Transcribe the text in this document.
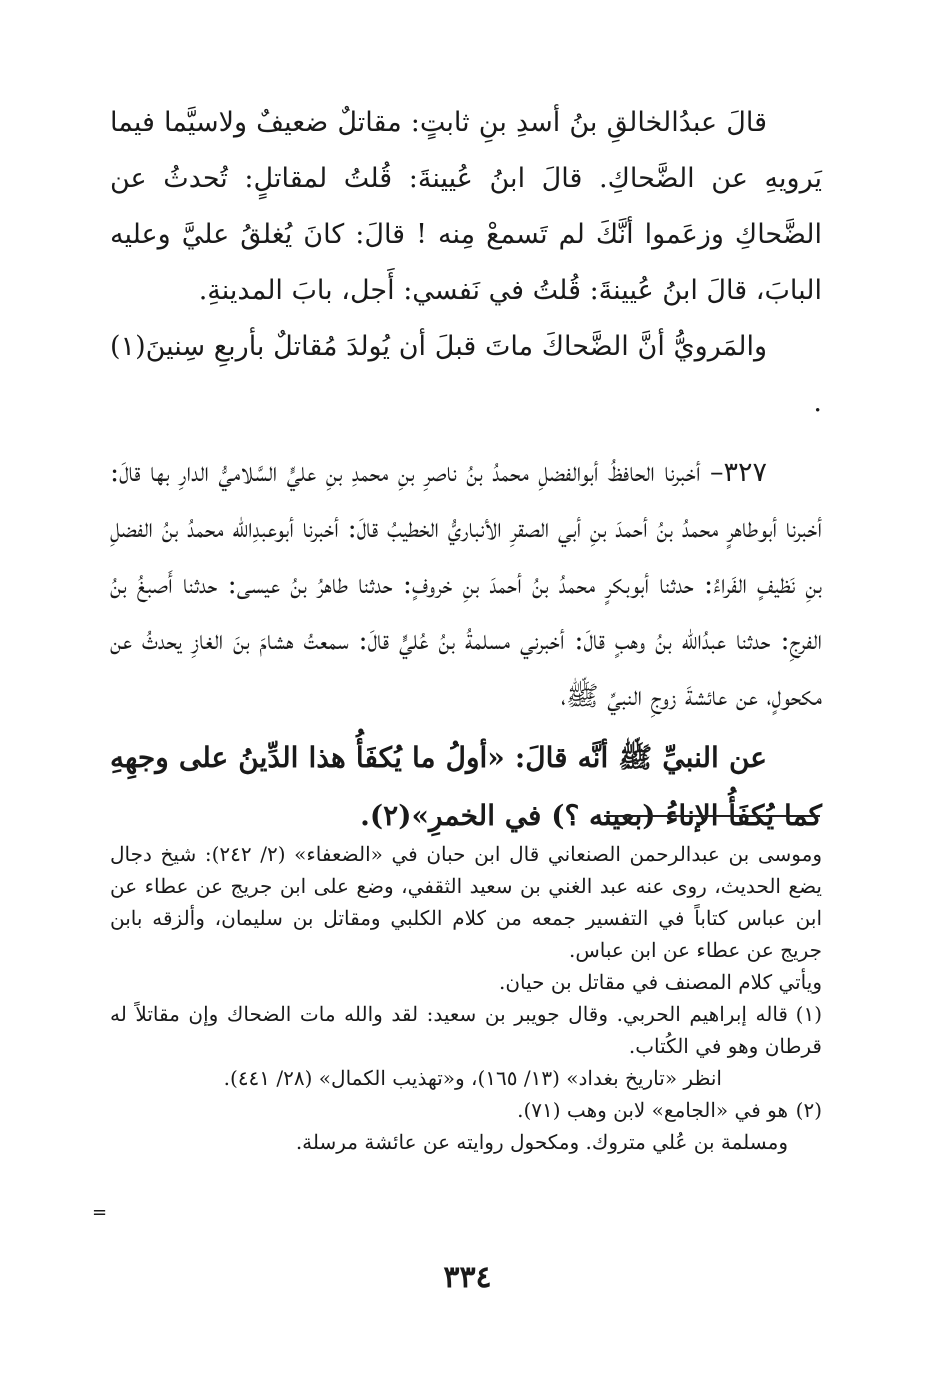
قالَ عبدُالخالقِ بنُ أسدِ بنِ ثابتٍ: مقاتلٌ ضعيفٌ ولاسيَّما فيما يَرويهِ عن الضَّحاكِ. قالَ ابنُ عُيينةَ: قُلتُ لمقاتلٍ: تُحدثُ عن الضَّحاكِ وزعَموا أنَّكَ لم تَسمعْ مِنه ! قالَ: كانَ يُغلقُ عليَّ وعليه البابَ، قالَ ابنُ عُيينةَ: قُلتُ في نَفسي: أَجل، بابَ المدينةِ.

والمَرويُّ أنَّ الضَّحاكَ ماتَ قبلَ أن يُولدَ مُقاتلٌ بأربعِ سِنينَ(١) .

٣٢٧– أخبرنا الحافظُ أبوالفضلِ محمدُ بنُ ناصرِ بنِ محمدِ بنِ عليٍّ السَّلاميُّ الدارِ بها قالَ: أخبرنا أبوطاهرٍ محمدُ بنُ أحمدَ بنِ أبي الصقرِ الأنباريُّ الخطيبُ قالَ: أخبرنا أبوعبدِالله محمدُ بنُ الفضلِ بنِ نَظيفٍ الفَراءُ: حدثنا أبوبكرٍ محمدُ بنُ أحمدَ بنِ خروفٍ: حدثنا طاهرُ بنُ عيسى: حدثنا أَصبغُ بنُ الفرجِ: حدثنا عبدُالله بنُ وهبٍ قالَ: أخبرني مسلمةُ بنُ عُليٍّ قالَ: سمعتُ هشامَ بنَ الغازِ يحدثُ عن مكحولٍ، عن عائشةَ زوجِ النبيِّ ﷺ،

عن النبيِّ ﷺ أنَّه قالَ: «أولُ ما يُكفَأُ هذا الدِّينُ على وجهِهِ كما يُكفَأُ الإناءُ (بعينه ؟) في الخمرِ»(٢).

وموسى بن عبدالرحمن الصنعاني قال ابن حبان في «الضعفاء» (٢/ ٢٤٢): شيخ دجال يضع الحديث، روى عنه عبد الغني بن سعيد الثقفي، وضع على ابن جريج عن عطاء عن ابن عباس كتاباً في التفسير جمعه من كلام الكلبي ومقاتل بن سليمان، وألزقه بابن جريج عن عطاء عن ابن عباس.

ويأتي كلام المصنف في مقاتل بن حيان.

(١)قاله إبراهيم الحربي. وقال جويبر بن سعيد: لقد والله مات الضحاك وإن مقاتلاً له قرطان وهو في الكُتاب.

انظر «تاريخ بغداد» (١٣/ ١٦٥)، و«تهذيب الكمال» (٢٨/ ٤٤١).

(٢)هو في «الجامع» لابن وهب (٧١).

ومسلمة بن عُلي متروك. ومكحول روايته عن عائشة مرسلة.

=
٣٣٤
